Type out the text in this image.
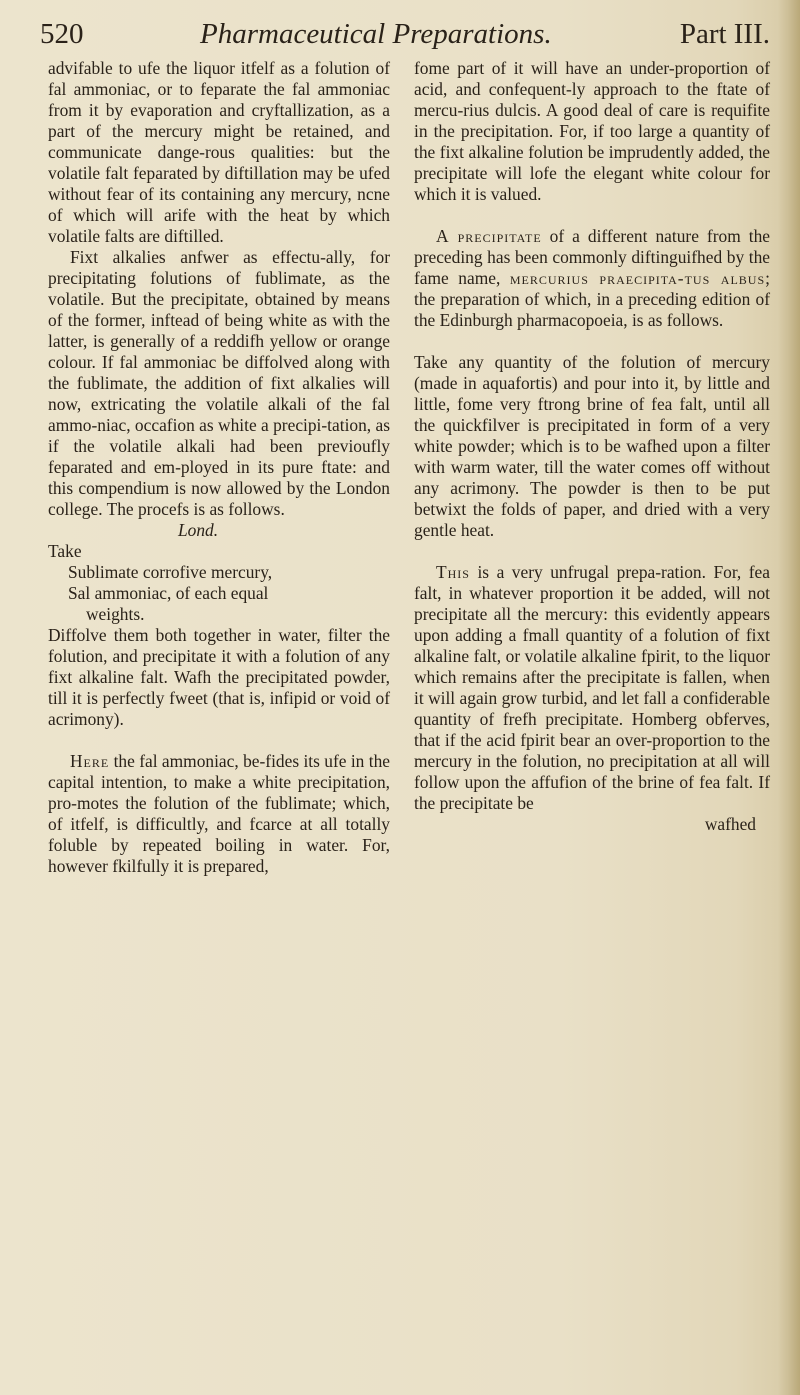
520	Pharmaceutical Preparations.	Part III.

advifable to ufe the liquor itfelf as a folution of fal ammoniac, or to feparate the fal ammoniac from it by evaporation and cryftallization, as a part of the mercury might be retained, and communicate dange-rous qualities: but the volatile falt feparated by diftillation may be ufed without fear of its containing any mercury, ncne of which will arife with the heat by which volatile falts are diftilled.

Fixt alkalies anfwer as effectu-ally, for precipitating folutions of fublimate, as the volatile. But the precipitate, obtained by means of the former, inftead of being white as with the latter, is generally of a reddifh yellow or orange colour. If fal ammoniac be diffolved along with the fublimate, the addition of fixt alkalies will now, extricating the volatile alkali of the fal ammo-niac, occafion as white a precipi-tation, as if the volatile alkali had been previoufly feparated and em-ployed in its pure ftate: and this compendium is now allowed by the London college. The procefs is as follows.

Lond.

Take

Sublimate corrofive mercury,

Sal ammoniac, of each equal

weights.

Diffolve them both together in water, filter the folution, and precipitate it with a folution of any fixt alkaline falt. Wafh the precipitated powder, till it is perfectly fweet (that is, infipid or void of acrimony).

Here the fal ammoniac, be-fides its ufe in the capital intention, to make a white precipitation, pro-motes the folution of the fublimate; which, of itfelf, is difficultly, and fcarce at all totally foluble by repeated boiling in water. For, however fkilfully it is prepared,

fome part of it will have an under-proportion of acid, and confequent-ly approach to the ftate of mercu-rius dulcis. A good deal of care is requifite in the precipitation. For, if too large a quantity of the fixt alkaline folution be imprudently added, the precipitate will lofe the elegant white colour for which it is valued.

A precipitate of a different nature from the preceding has been commonly diftinguifhed by the fame name, mercurius praecipita-tus albus; the preparation of which, in a preceding edition of the Edinburgh pharmacopoeia, is as follows.

Take any quantity of the folution of mercury (made in aquafortis) and pour into it, by little and little, fome very ftrong brine of fea falt, until all the quickfilver is precipitated in form of a very white powder; which is to be wafhed upon a filter with warm water, till the water comes off without any acrimony. The powder is then to be put betwixt the folds of paper, and dried with a very gentle heat.

This is a very unfrugal prepa-ration. For, fea falt, in whatever proportion it be added, will not precipitate all the mercury: this evidently appears upon adding a fmall quantity of a folution of fixt alkaline falt, or volatile alkaline fpirit, to the liquor which remains after the precipitate is fallen, when it will again grow turbid, and let fall a confiderable quantity of frefh precipitate. Homberg obferves, that if the acid fpirit bear an over-proportion to the mercury in the folution, no precipitation at all will follow upon the affufion of the brine of fea falt. If the precipitate be

wafhed
